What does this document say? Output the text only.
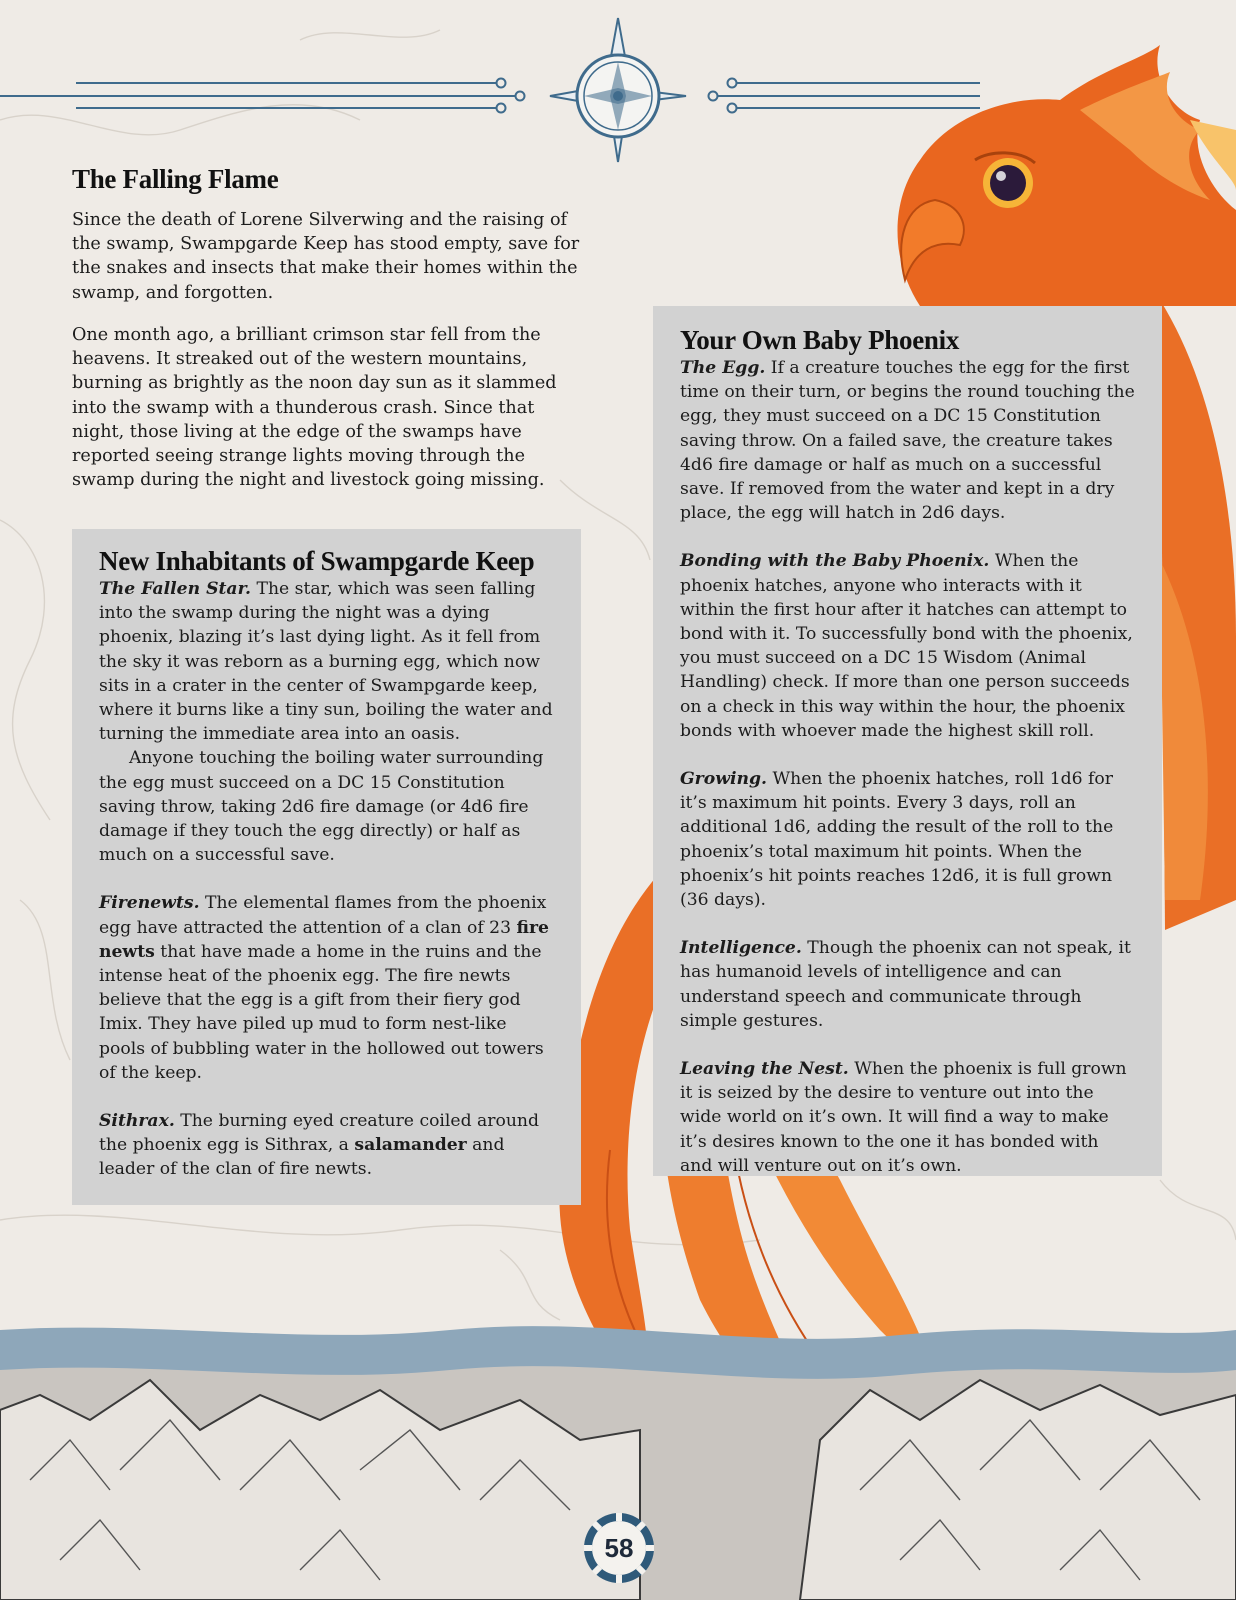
The Falling Flame

Since the death of Lorene Silverwing and the raising of the swamp, Swampgarde Keep has stood empty, save for the snakes and insects that make their homes within the swamp, and forgotten.

One month ago, a brilliant crimson star fell from the heavens. It streaked out of the western mountains, burning as brightly as the noon day sun as it slammed into the swamp with a thunderous crash. Since that night, those living at the edge of the swamps have reported seeing strange lights moving through the swamp during the night and livestock going missing.

New Inhabitants of Swampgarde Keep

The Fallen Star. The star, which was seen falling into the swamp during the night was a dying phoenix, blazing it’s last dying light. As it fell from the sky it was reborn as a burning egg, which now sits in a crater in the center of Swampgarde keep, where it burns like a tiny sun, boiling the water and turning the immediate area into an oasis.

Anyone touching the boiling water surrounding the egg must succeed on a DC 15 Constitution saving throw, taking 2d6 fire damage (or 4d6 fire damage if they touch the egg directly) or half as much on a successful save.

Firenewts. The elemental flames from the phoenix egg have attracted the attention of a clan of 23 fire newts that have made a home in the ruins and the intense heat of the phoenix egg. The fire newts believe that the egg is a gift from their fiery god Imix. They have piled up mud to form nest-like pools of bubbling water in the hollowed out towers of the keep.

Sithrax. The burning eyed creature coiled around the phoenix egg is Sithrax, a salamander and leader of the clan of fire newts.

Your Own Baby Phoenix

The Egg. If a creature touches the egg for the first time on their turn, or begins the round touching the egg, they must succeed on a DC 15 Constitution saving throw. On a failed save, the creature takes 4d6 fire damage or half as much on a successful save. If removed from the water and kept in a dry place, the egg will hatch in 2d6 days.

Bonding with the Baby Phoenix. When the phoenix hatches, anyone who interacts with it within the first hour after it hatches can attempt to bond with it. To successfully bond with the phoenix, you must succeed on a DC 15 Wisdom (Animal Handling) check. If more than one person succeeds on a check in this way within the hour, the phoenix bonds with whoever made the highest skill roll.

Growing. When the phoenix hatches, roll 1d6 for it’s maximum hit points. Every 3 days, roll an additional 1d6, adding the result of the roll to the phoenix’s total maximum hit points. When the phoenix’s hit points reaches 12d6, it is full grown (36 days).

Intelligence. Though the phoenix can not speak, it has humanoid levels of intelligence and can understand speech and communicate through simple gestures.

Leaving the Nest. When the phoenix is full grown it is seized by the desire to venture out into the wide world on it’s own. It will find a way to make it’s desires known to the one it has bonded with and will venture out on it’s own.

58
